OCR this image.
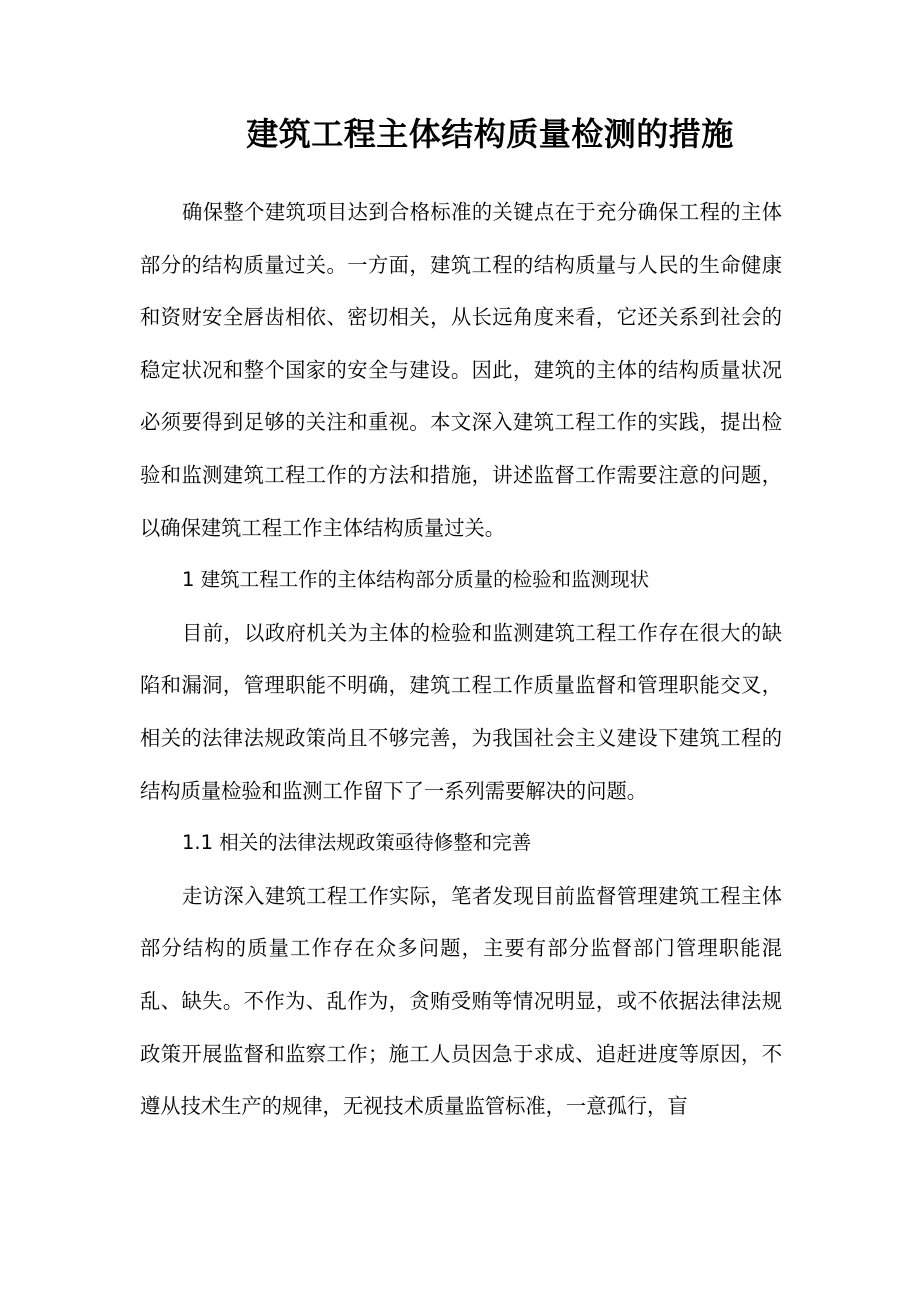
建筑工程主体结构质量检测的措施

确保整个建筑项目达到合格标准的关键点在于充分确保工程的主体部分的结构质量过关。一方面，建筑工程的结构质量与人民的生命健康和资财安全唇齿相依、密切相关，从长远角度来看，它还关系到社会的稳定状况和整个国家的安全与建设。因此，建筑的主体的结构质量状况必须要得到足够的关注和重视。本文深入建筑工程工作的实践，提出检验和监测建筑工程工作的方法和措施，讲述监督工作需要注意的问题，以确保建筑工程工作主体结构质量过关。

1 建筑工程工作的主体结构部分质量的检验和监测现状

目前，以政府机关为主体的检验和监测建筑工程工作存在很大的缺陷和漏洞，管理职能不明确，建筑工程工作质量监督和管理职能交叉，相关的法律法规政策尚且不够完善，为我国社会主义建设下建筑工程的结构质量检验和监测工作留下了一系列需要解决的问题。

1.1 相关的法律法规政策亟待修整和完善

走访深入建筑工程工作实际，笔者发现目前监督管理建筑工程主体部分结构的质量工作存在众多问题，主要有部分监督部门管理职能混乱、缺失。不作为、乱作为，贪贿受贿等情况明显，或不依据法律法规政策开展监督和监察工作；施工人员因急于求成、追赶进度等原因，不遵从技术生产的规律，无视技术质量监管标准，一意孤行，盲
